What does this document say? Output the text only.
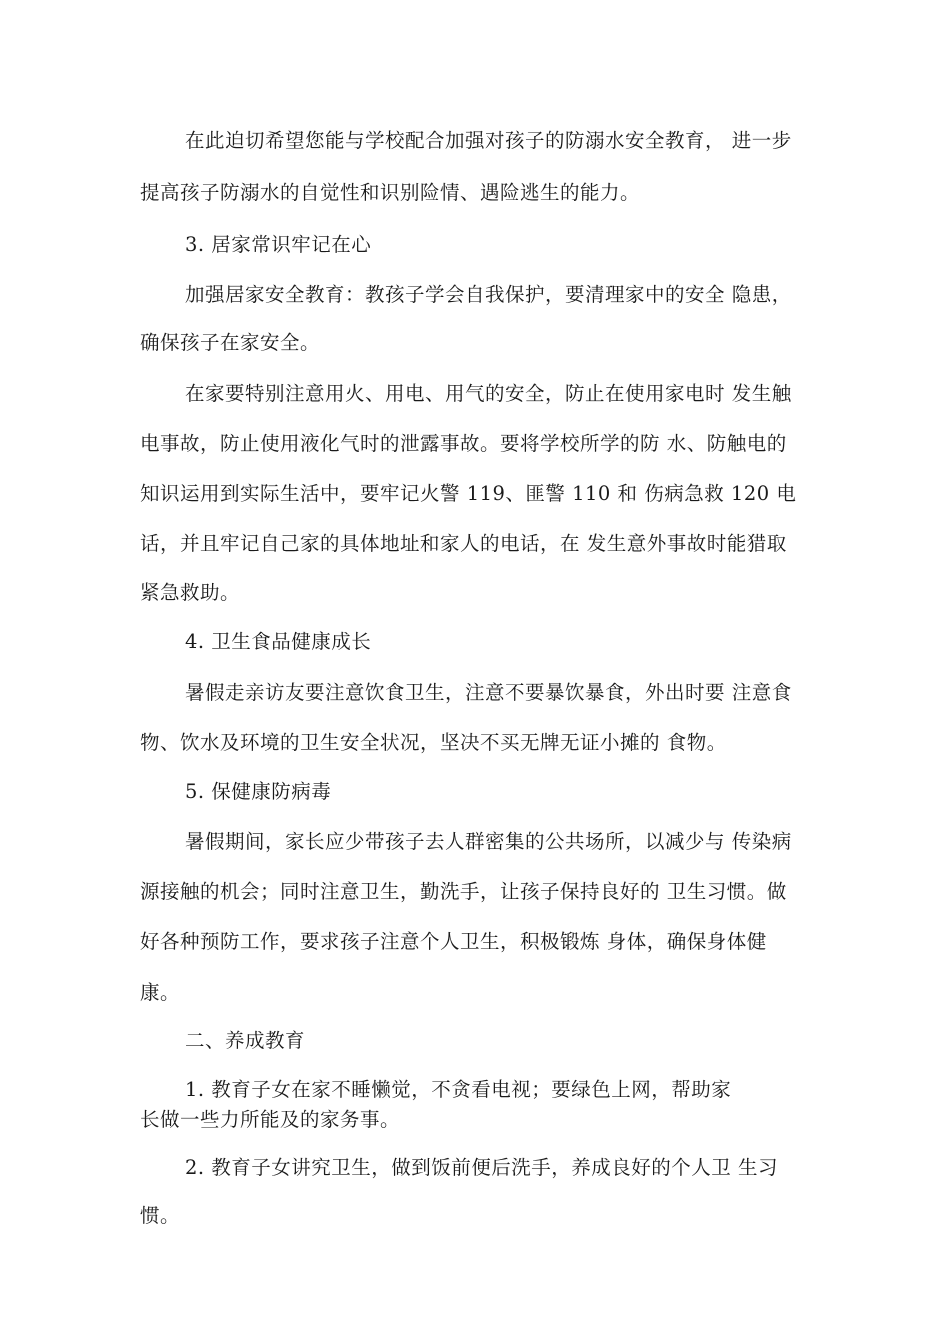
在此迫切希望您能与学校配合加强对孩子的防溺水安全教育， 进一步
提高孩子防溺水的自觉性和识别险情、遇险逃生的能力。
3. 居家常识牢记在心
加强居家安全教育：教孩子学会自我保护，要清理家中的安全 隐患，
确保孩子在家安全。
在家要特别注意用火、用电、用气的安全，防止在使用家电时 发生触
电事故，防止使用液化气时的泄露事故。要将学校所学的防 水、防触电的
知识运用到实际生活中，要牢记火警 119、匪警 110 和 伤病急救 120 电
话，并且牢记自己家的具体地址和家人的电话，在 发生意外事故时能猎取
紧急救助。
4. 卫生食品健康成长
暑假走亲访友要注意饮食卫生，注意不要暴饮暴食，外出时要 注意食
物、饮水及环境的卫生安全状况，坚决不买无牌无证小摊的 食物。
5. 保健康防病毒
暑假期间，家长应少带孩子去人群密集的公共场所，以减少与 传染病
源接触的机会；同时注意卫生，勤洗手，让孩子保持良好的 卫生习惯。做
好各种预防工作，要求孩子注意个人卫生，积极锻炼 身体，确保身体健
康。
二、养成教育
1. 教育子女在家不睡懒觉，不贪看电视；要绿色上网，帮助家
长做一些力所能及的家务事。
2. 教育子女讲究卫生，做到饭前便后洗手，养成良好的个人卫 生习
惯。
